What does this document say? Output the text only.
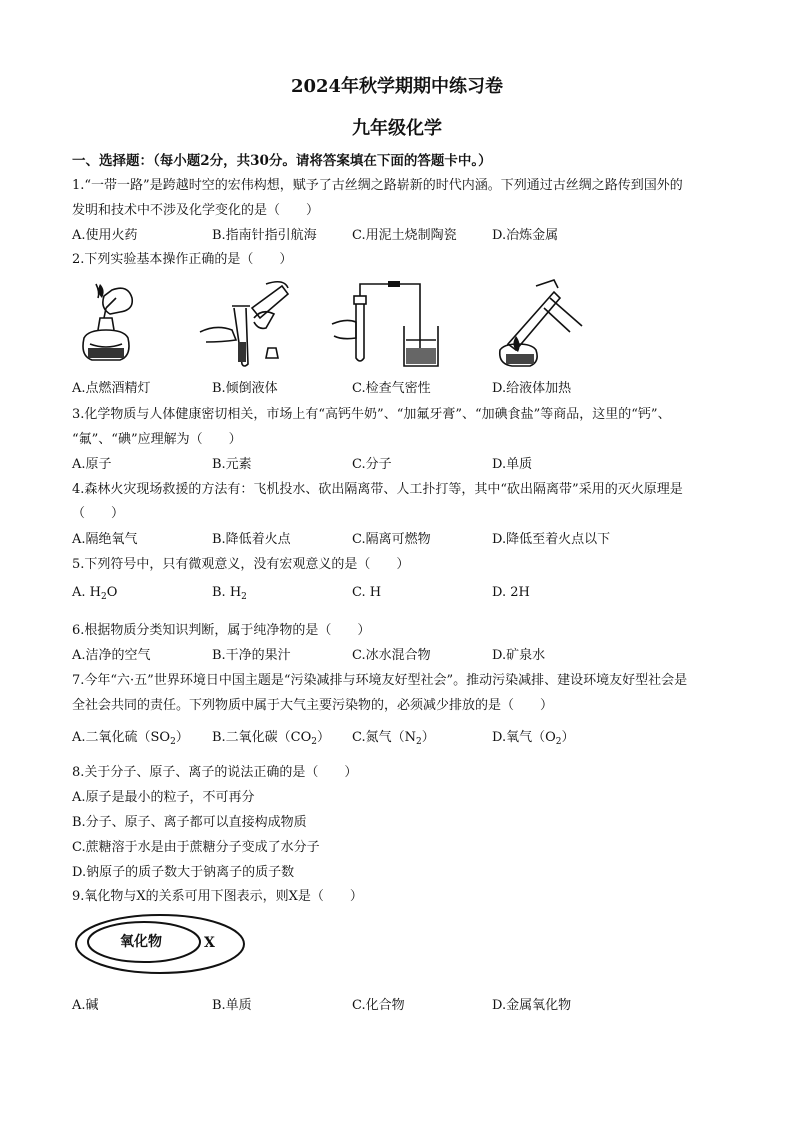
2024年秋学期期中练习卷
九年级化学
一、选择题：（每小题2分，共30分。请将答案填在下面的答题卡中。）
1.“一带一路”是跨越时空的宏伟构想，赋予了古丝绸之路崭新的时代内涵。下列通过古丝绸之路传到国外的
发明和技术中不涉及化学变化的是（　　）
A.使用火药	B.指南针指引航海	C.用泥土烧制陶瓷	D.冶炼金属
2.下列实验基本操作正确的是（　　）
A.点燃酒精灯	B.倾倒液体	C.检查气密性	D.给液体加热
3.化学物质与人体健康密切相关，市场上有“高钙牛奶”、“加氟牙膏”、“加碘食盐”等商品，这里的“钙”、
“氟”、“碘”应理解为（　　）
A.原子	B.元素	C.分子	D.单质
4.森林火灾现场救援的方法有：飞机投水、砍出隔离带、人工扑打等，其中“砍出隔离带”采用的灭火原理是
（　　）
A.隔绝氧气	B.降低着火点	C.隔离可燃物	D.降低至着火点以下
5.下列符号中，只有微观意义，没有宏观意义的是（　　）
A. $H_2O$	B. $H_2$	C. H	D. 2H
6.根据物质分类知识判断，属于纯净物的是（　　）
A.洁净的空气	B.干净的果汁	C.冰水混合物	D.矿泉水
7.今年“六·五”世界环境日中国主题是“污染减排与环境友好型社会”。推动污染减排、建设环境友好型社会是
全社会共同的责任。下列物质中属于大气主要污染物的，必须减少排放的是（　　）
A.二氧化硫$(SO_2)$ B.二氧化碳$(CO_2)$ C.氮气$(N_2)$	D.氧气$(O_2)$
8.关于分子、原子、离子的说法正确的是（　　）
A.原子是最小的粒子，不可再分
B.分子、原子、离子都可以直接构成物质
C.蔗糖溶于水是由于蔗糖分子变成了水分子
D.钠原子的质子数大于钠离子的质子数
9.氧化物与X的关系可用下图表示，则X是（　　）
氧化物	X
A.碱	B.单质	C.化合物	D.金属氧化物
